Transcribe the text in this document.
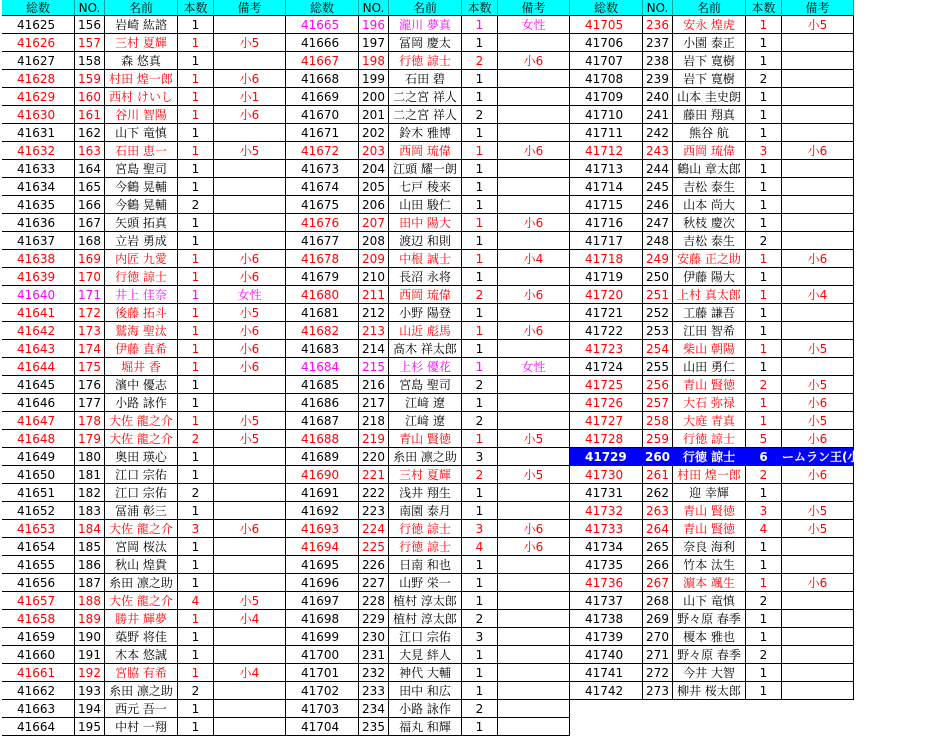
総数	NO.	名前	本数	備考
41625	156	岩崎 紘諮	1
41626	157	三村 夏輝	1	小5
41627	158	森 悠真	1
41628	159 村田 煌一郎	1	小6
41629	160 西村 けいし	1	小1
41630	161	谷川 智陽	1	小6
41631	162	山下 竜慎	1
41632	163	石田 恵一	1	小5
41633	164	宮島 聖司	1
41634	165	今鶴 晃輔	1
41635	166	今鶴 晃輔	2
41636	167	矢頭 拓真	1
41637	168	立岩 勇成	1
41638	169	内匠 九愛	1	小6
41639	170	行徳 諒士	1	小6
41640	171	井上 佳奈	1	女性
41641	172	後藤 拓斗	1	小5
41642	173	鷲海 聖汰	1	小6
41643	174	伊藤 直希	1	小6
41644	175	堀井 香	1	小6
41645	176	濱中 優志	1
41646	177	小路 詠作	1
41647	178 大佐 龍之介	1	小5
41648	179 大佐 龍之介	2	小5
41649	180	奥田 瑛心	1
41650	181	江口 宗佑	1
41651	182	江口 宗佑	2
41652	183	冨浦 彰三	1
41653	184 大佐 龍之介	3	小6
41654	185	宮岡 桜汰	1
41655	186	秋山 煌貴	1
41656	187 糸田 凛之助	1
41657	188 大佐 龍之介	4	小5
41658	189	勝井 輝夢	1	小4
41659	190	蒅野 将佳	1
41660	191	木本 悠誠	1
41661	192	宮脇 有希	1	小4
41662	193 糸田 凛之助	2
41663	194	西元 吾一	1
41664	195	中村 一翔	1
総数	NO.	名前	本数	備考
41665	196	瀧川 夢真	1	女性
41666	197	冨岡 慶太	1
41667	198	行徳 諒士	2	小6
41668	199	石田 碧	1
41669	200 二之宮 祥人	1
41670	201 二之宮 祥人	2
41671	202	鈴木 雅博	1
41672	203	西岡 琉偉	1	小6
41673	204 江頭 耀一朗	1
41674	205	七戸 稜来	1
41675	206	山田 駿仁	1
41676	207	田中 陽大	1	小6
41677	208	渡辺 和則	1
41678	209	中根 誠士	1	小4
41679	210	長沼 永将	1
41680	211	西岡 琉偉	2	小6
41681	212	小野 陽登	1
41682	213	山近 彪馬	1	小6
41683	214 髙木 祥太郎	1
41684	215	上杉 優花	1	女性
41685	216	宮島 聖司	2
41686	217	江﨑 遼	1
41687	218	江﨑 遼	2
41688	219	青山 賢徳	1	小5
41689	220 糸田 凛之助	3
41690	221	三村 夏輝	2	小5
41691	222	浅井 翔生	1
41692	223	南園 泰月	1
41693	224	行徳 諒士	3	小6
41694	225	行徳 諒士	4	小6
41695	226	日南 和也	1
41696	227	山野 栄一	1
41697	228 植村 淳太郎	1
41698	229 植村 淳太郎	2
41699	230	江口 宗佑	3
41700	231	大見 絆人	1
41701	232	神代 大輔	1
41702	233	田中 和広	1
41703	234	小路 詠作	2
41704	235	福丸 和輝	1
総数	NO.	名前	本数	備考
41705	236	安永 煌虎	1	小5
41706	237	小園 泰正	1
41707	238	岩下 寛樹	1
41708	239	岩下 寛樹	2
41709	240 山本 圭史朗	1
41710	241	藤田 翔真	1
41711	242	熊谷 航	1
41712	243	西岡 琉偉	3	小6
41713	244 鶴山 章太郎	1
41714	245	吉松 泰生	1
41715	246	山本 尚大	1
41716	247	秋枝 慶次	1
41717	248	吉松 泰生	2
41718	249 安藤 正之助	1	小6
41719	250	伊藤 陽大	1
41720	251 上村 真太郎	1	小4
41721	252	工藤 謙吾	1
41722	253	江田 智希	1
41723	254	柴山 朝陽	1	小5
41724	255	山田 勇仁	1
41725	256	青山 賢徳	2	小5
41726	257	大石 弥禄	1	小6
41727	258	大庭 青真	1	小5
41728	259	行徳 諒士	5	小6
41729	260	行徳 諒士	6	ームラン王(小6
41730	261 村田 煌一郎	2	小6
41731	262	迎 幸輝	1
41732	263	青山 賢徳	3	小5
41733	264	青山 賢徳	4	小5
41734	265	奈良 海利	1
41735	266	竹本 汰生	1
41736	267	濵本 颯生	1	小6
41737	268	山下 竜慎	2
41738	269 野々原 春季	1
41739	270	榎本 雅也	1
41740	271 野々原 春季	2
41741	272	今井 大智	1
41742	273 柳井 桜太郎	1
